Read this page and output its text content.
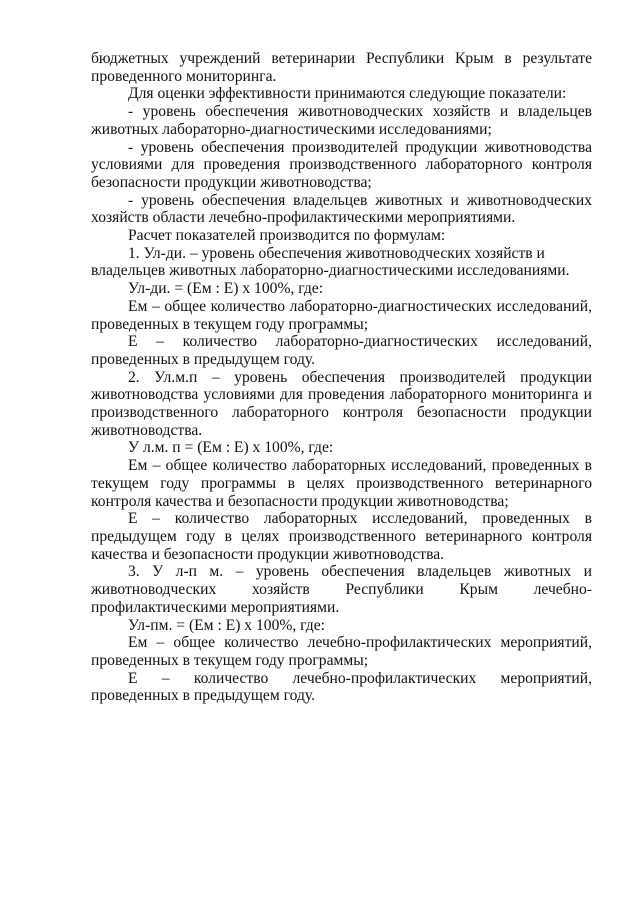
бюджетных учреждений ветеринарии Республики Крым в результате проведенного мониторинга.

Для оценки эффективности принимаются следующие показатели:

- уровень обеспечения животноводческих хозяйств и владельцев животных лабораторно-диагностическими исследованиями;

- уровень обеспечения производителей продукции животноводства условиями для проведения производственного лабораторного контроля безопасности продукции животноводства;

- уровень обеспечения владельцев животных и животноводческих хозяйств области лечебно-профилактическими мероприятиями.

Расчет показателей производится по формулам:

1. Ул-ди. – уровень обеспечения животноводческих хозяйств и

владельцев животных лабораторно-диагностическими исследованиями.

Ул-ди. = (Ем : Е) х 100%, где:

Ем – общее количество лабораторно-диагностических исследований, проведенных в текущем году программы;

Е – количество лабораторно-диагностических исследований, проведенных в предыдущем году.

2. Ул.м.п – уровень обеспечения производителей продукции животноводства условиями для проведения лабораторного мониторинга и производственного лабораторного контроля безопасности продукции животноводства.

У л.м. п = (Ем : Е) х 100%, где:

Ем – общее количество лабораторных исследований, проведенных в текущем году программы в целях производственного ветеринарного контроля качества и безопасности продукции животноводства;

Е – количество лабораторных исследований, проведенных в предыдущем году в целях производственного ветеринарного контроля качества и безопасности продукции животноводства.

3. У л-п м. – уровень обеспечения владельцев животных и животноводческих хозяйств Республики Крым лечебно-профилактическими мероприятиями.

Ул-пм. = (Ем : Е) х 100%, где:

Ем – общее количество лечебно-профилактических мероприятий, проведенных в текущем году программы;

Е – количество лечебно-профилактических мероприятий, проведенных в предыдущем году.
